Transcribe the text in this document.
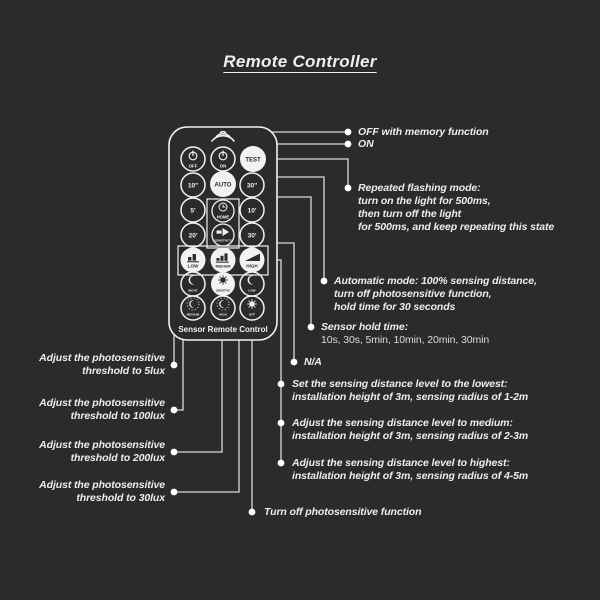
Remote Controller
OFF	ON
TEST
10"	AUTO 30"
5'
HOME
10'
20'
SENSITIVITY
30'
LOW	MEDIUM	HIGH
NIGHT	SENSITIVE	LOW
MEDIUM	HIGH	OFF
Sensor Remote Control
OFF with memory function
ON
Repeated flashing mode:
turn on the light for 500ms,
then turn off the light
for 500ms, and keep repeating this state
Automatic mode: 100% sensing distance,
turn off photosensitive function,
hold time for 30 seconds
Sensor hold time:
10s, 30s, 5min, 10min, 20min, 30min
N/A
Set the sensing distance level to the lowest:
installation height of 3m, sensing radius of 1-2m
Adjust the sensing distance level to medium:
installation height of 3m, sensing radius of 2-3m
Adjust the sensing distance level to highest:
installation height of 3m, sensing radius of 4-5m
Turn off photosensitive function
Adjust the photosensitive
threshold to 5lux
Adjust the photosensitive
threshold to 100lux
Adjust the photosensitive
threshold to 200lux
Adjust the photosensitive
threshold to 30lux
